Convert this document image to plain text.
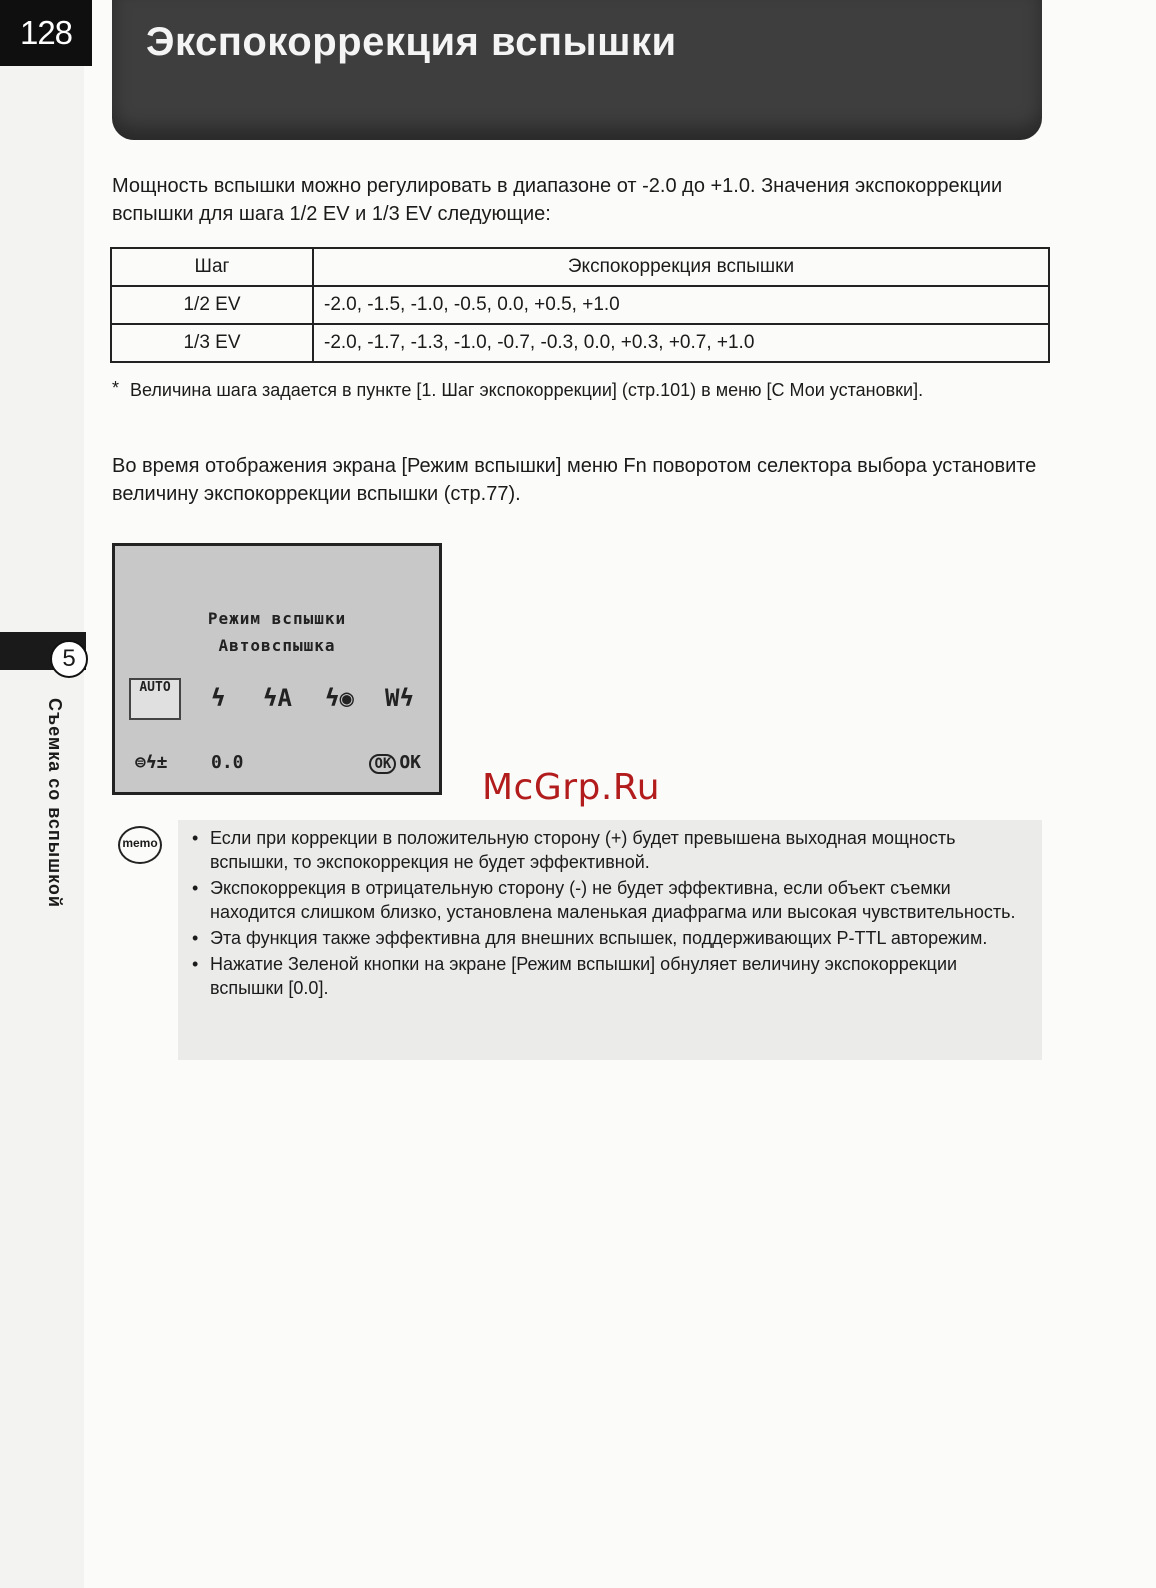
128	Экспокоррекция вспышки
5
Съемка со вспышкой
Мощность вспышки можно регулировать в диапазоне от -2.0 до +1.0. Значения экспокоррекции вспышки для шага 1/2 EV и 1/3 EV следующие:
Шаг	Экспокоррекция вспышки
1/2 EV	-2.0, -1.5, -1.0, -0.5, 0.0, +0.5, +1.0
1/3 EV	-2.0, -1.7, -1.3, -1.0, -0.7, -0.3, 0.0, +0.3, +0.7, +1.0
* Величина шага задается в пункте [1. Шаг экспокоррекции] (стр.101) в меню [C Мои установки].
Во время отображения экрана [Режим вспышки] меню Fn поворотом селектора выбора установите величину экспокоррекции вспышки (стр.77).
Режим вспышки
Автовспышка
AUTO	ϟ ϟA ϟ◉ Wϟ
⊜ϟ± 0.0	OK OK
McGrp.Ru
memo	• Если при коррекции в положительную сторону (+) будет превышена выходная мощность вспышки, то экспокоррекция не будет эффективной.
• Экспокоррекция в отрицательную сторону (-) не будет эффективна, если объект съемки находится слишком близко, установлена маленькая диафрагма или высокая чувствительность.
• Эта функция также эффективна для внешних вспышек, поддерживающих P-TTL авторежим.
• Нажатие Зеленой кнопки на экране [Режим вспышки] обнуляет величину экспокоррекции вспышки [0.0].
